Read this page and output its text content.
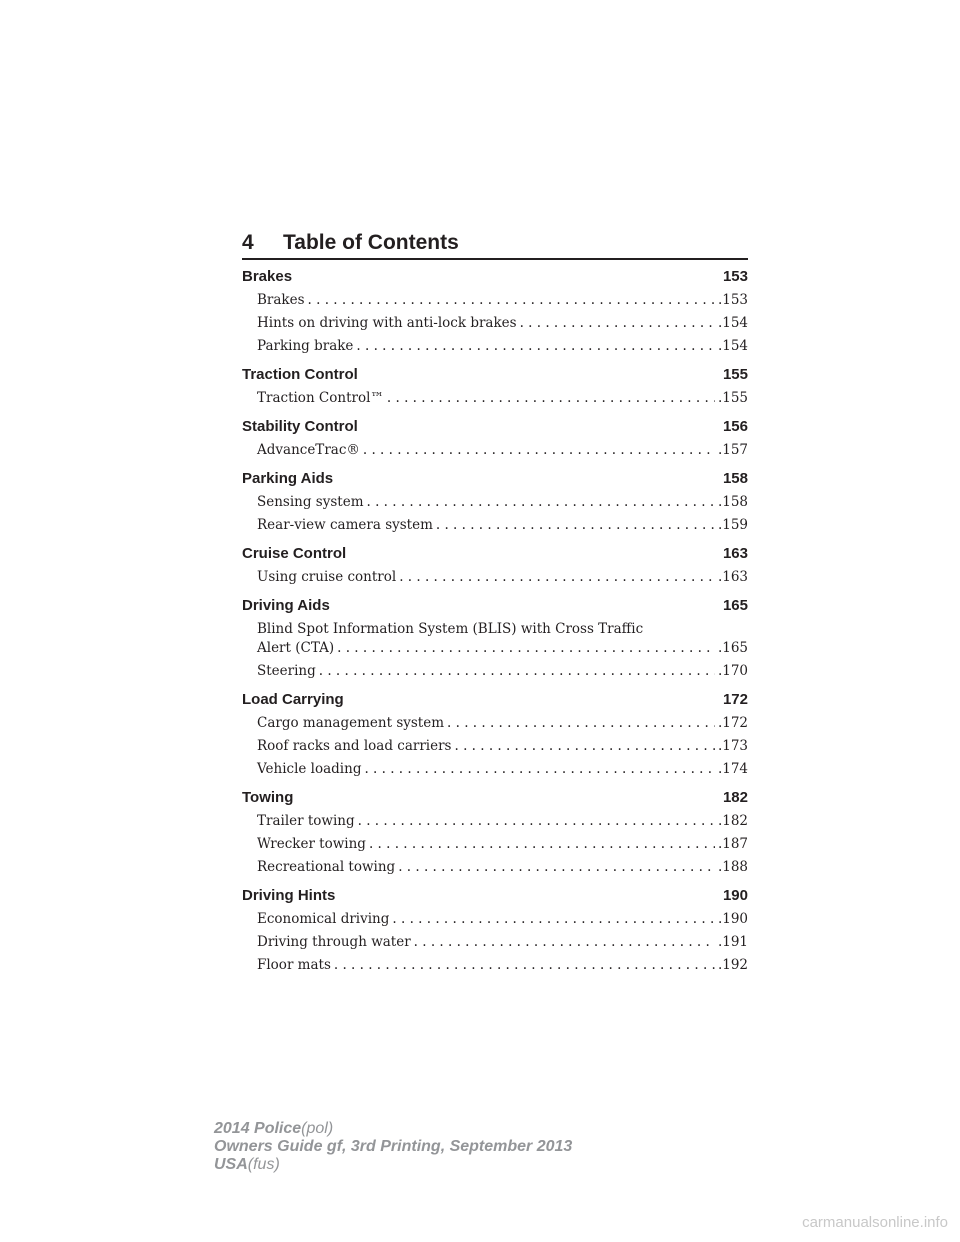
4 Table of Contents
Brakes	153
Brakes . . .	.153
Hints on driving with anti-lock brakes . . .	.154
Parking brake . . .	.154
Traction Control	155
Traction Control™ . . .	.155
Stability Control	156
AdvanceTrac® . . .	.157
Parking Aids	158
Sensing system . . .	.158
Rear-view camera system . . .	.159
Cruise Control	163
Using cruise control . . .	.163
Driving Aids	165
Blind Spot Information System (BLIS) with Cross Traffic
Alert (CTA) . . .	.165
Steering . . .	.170
Load Carrying	172
Cargo management system . . .	.172
Roof racks and load carriers . . .	.173
Vehicle loading . . .	.174
Towing	182
Trailer towing . . .	.182
Wrecker towing . . .	.187
Recreational towing . . .	.188
Driving Hints	190
Economical driving . . .	.190
Driving through water . . .	.191
Floor mats . . .	.192
2014 Police(pol)
Owners Guide gf, 3rd Printing, September 2013
USA(fus)
carmanualsonline.info
